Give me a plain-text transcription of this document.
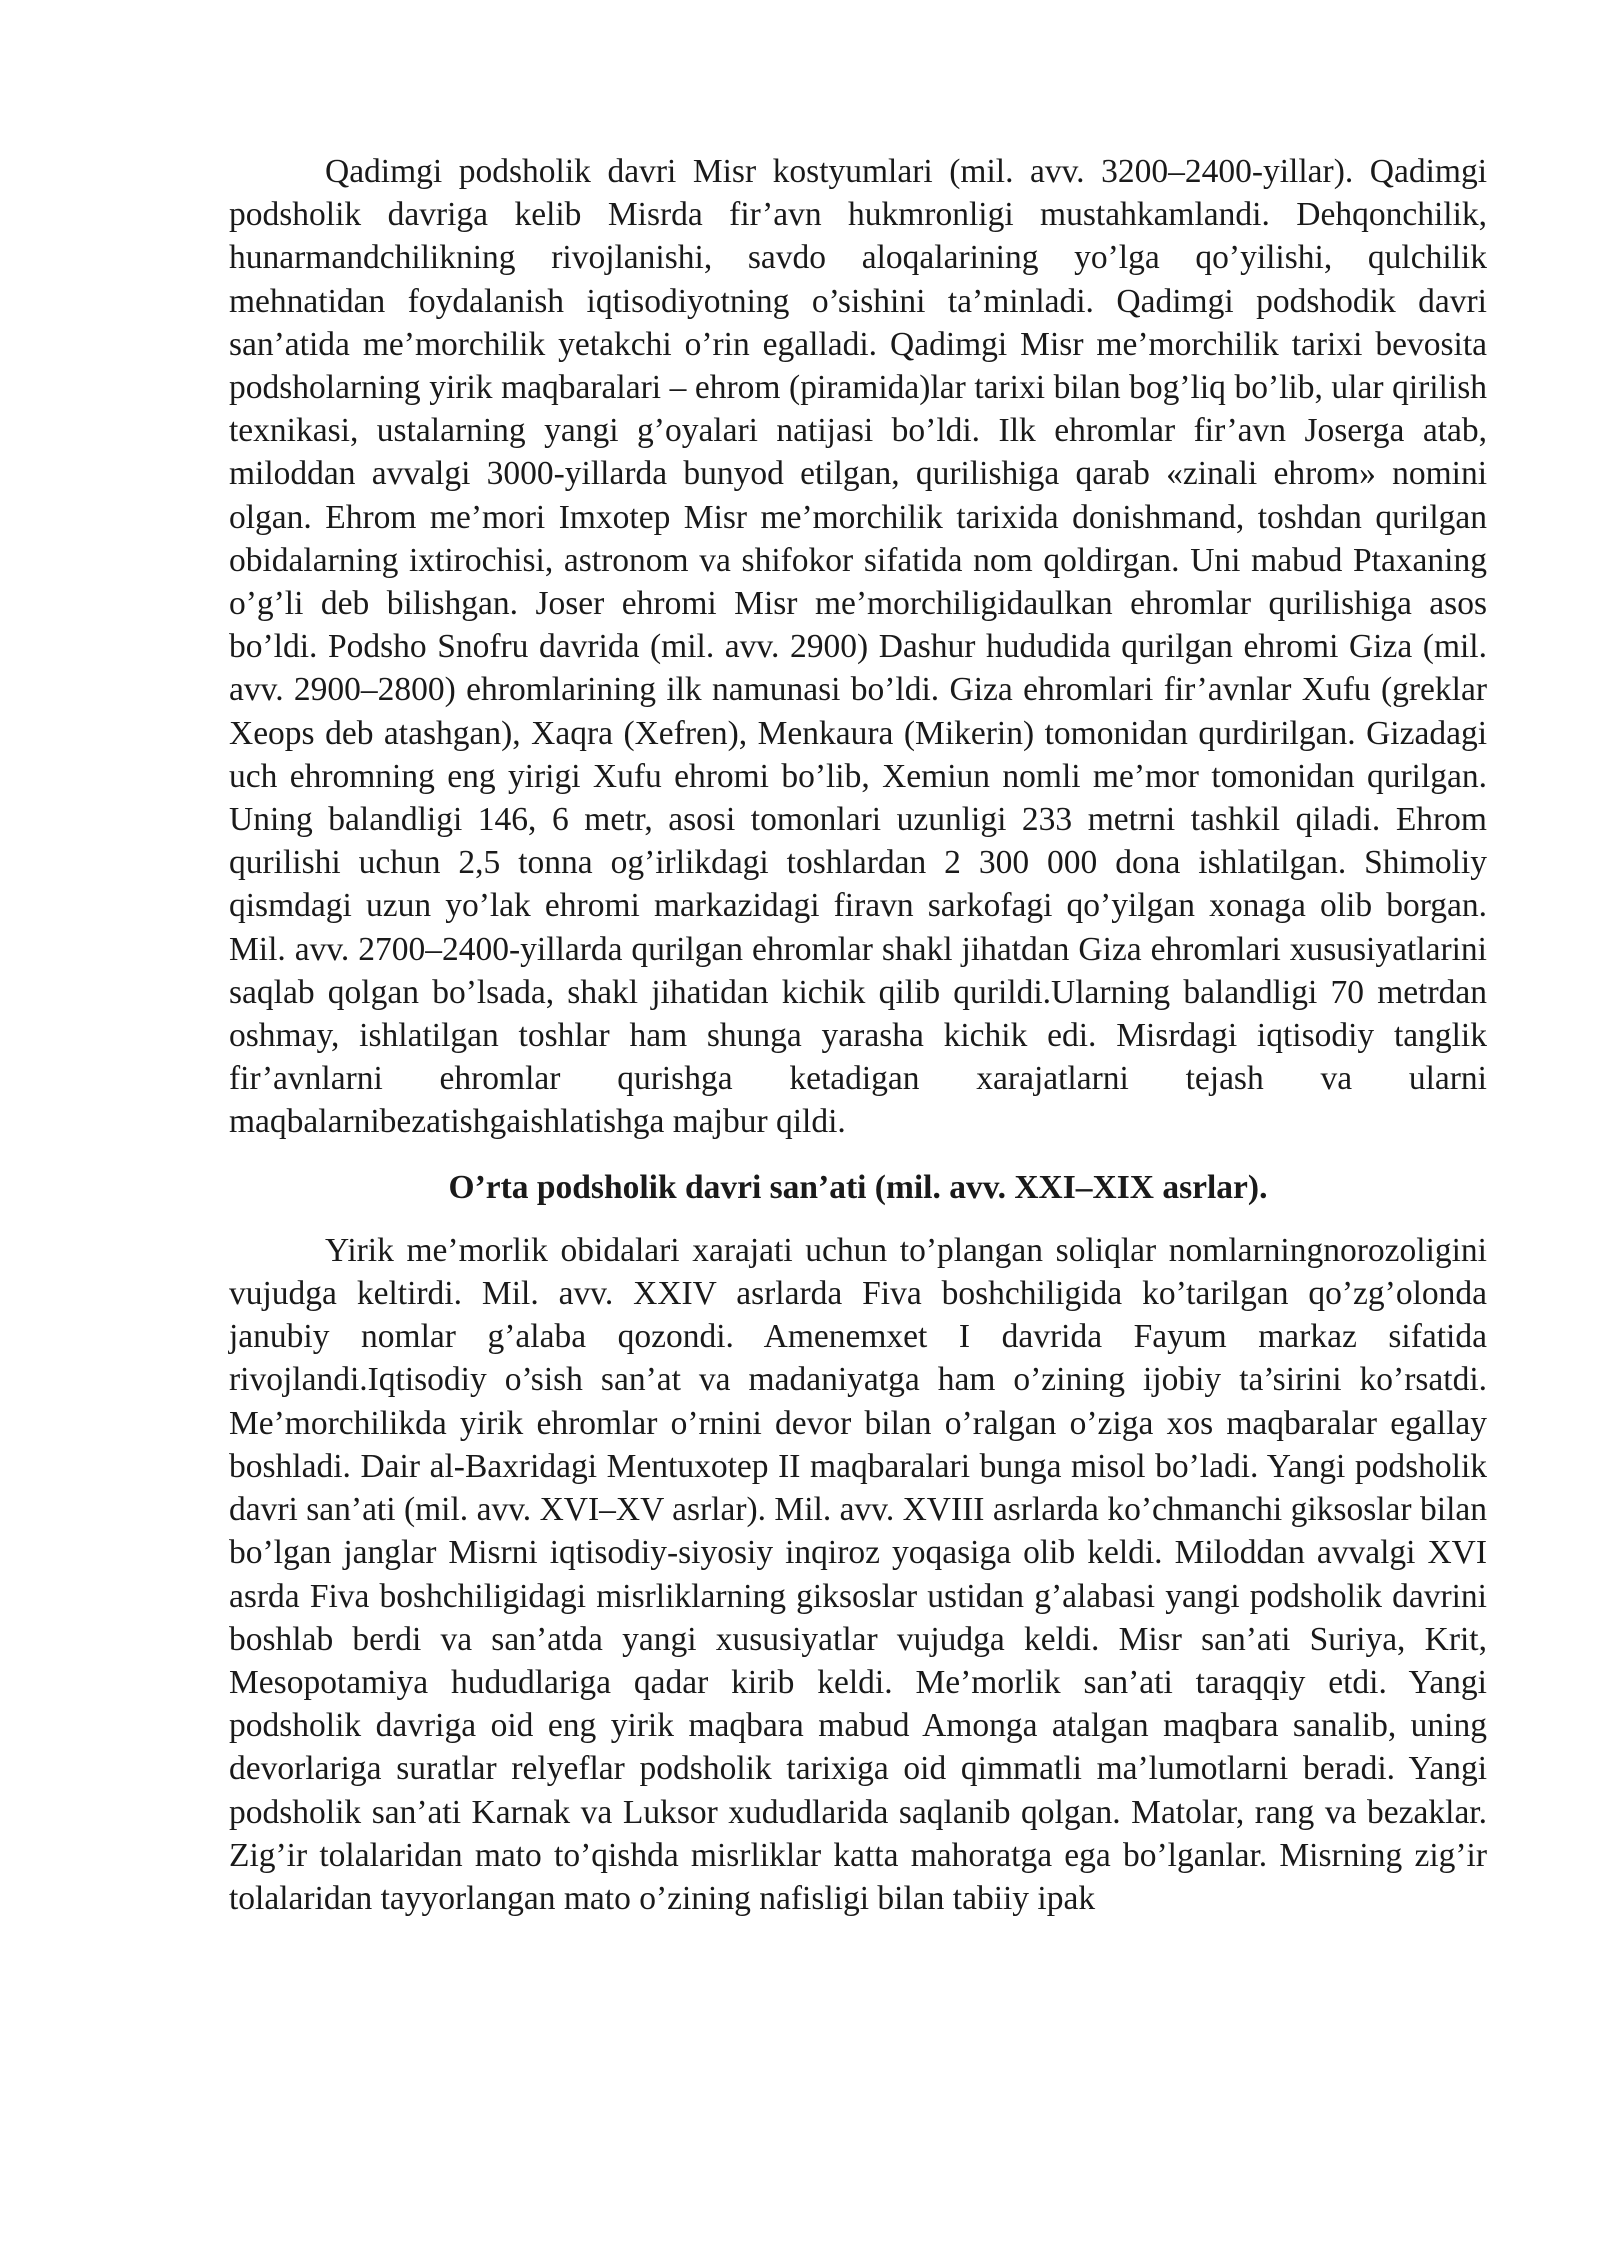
Qadimgi podsholik davri Misr kostyumlari (mil. avv. 3200–2400-yillar). Qadimgi podsholik davriga kelib Misrda fir’avn hukmronligi mustahkamlandi. Dehqonchilik, hunarmandchilikning rivojlanishi, savdo aloqalarining yo’lga qo’yilishi, qulchilik mehnatidan foydalanish iqtisodiyotning o’sishini ta’minladi. Qadimgi podshodik davri san’atida me’morchilik yetakchi o’rin egalladi. Qadimgi Misr me’morchilik tarixi bevosita podsholarning yirik maqbaralari – ehrom (piramida)lar tarixi bilan bog’liq bo’lib, ular qirilish texnikasi, ustalarning yangi g’oyalari natijasi bo’ldi. Ilk ehromlar fir’avn Joserga atab, miloddan avvalgi 3000-yillarda bunyod etilgan, qurilishiga qarab «zinali ehrom» nomini olgan. Ehrom me’mori Imxotep Misr me’morchilik tarixida donishmand, toshdan qurilgan obidalarning ixtirochisi, astronom va shifokor sifatida nom qoldirgan. Uni mabud Ptaxaning o’g’li deb bilishgan. Joser ehromi Misr me’morchiligidaulkan ehromlar qurilishiga asos bo’ldi. Podsho Snofru davrida (mil. avv. 2900) Dashur hududida qurilgan ehromi Giza (mil. avv. 2900–2800) ehromlarining ilk namunasi bo’ldi. Giza ehromlari fir’avnlar Xufu (greklar Xeops deb atashgan), Xaqra (Xefren), Menkaura (Mikerin) tomonidan qurdirilgan. Gizadagi uch ehromning eng yirigi Xufu ehromi bo’lib, Xemiun nomli me’mor tomonidan qurilgan. Uning balandligi 146, 6 metr, asosi tomonlari uzunligi 233 metrni tashkil qiladi. Ehrom qurilishi uchun 2,5 tonna og’irlikdagi toshlardan 2 300 000 dona ishlatilgan. Shimoliy qismdagi uzun yo’lak ehromi markazidagi firavn sarkofagi qo’yilgan xonaga olib borgan. Mil. avv. 2700–2400-yillarda qurilgan ehromlar shakl jihatdan Giza ehromlari xususiyatlarini saqlab qolgan bo’lsada, shakl jihatidan kichik qilib qurildi.Ularning balandligi 70 metrdan oshmay, ishlatilgan toshlar ham shunga yarasha kichik edi. Misrdagi iqtisodiy tanglik fir’avnlarni ehromlar qurishga ketadigan xarajatlarni tejash va ularni maqbalarnibezatishgaishlatishga majbur qildi.

O’rta podsholik davri san’ati (mil. avv. XXI–XIX asrlar).

Yirik me’morlik obidalari xarajati uchun to’plangan soliqlar nomlarningnorozoligini vujudga keltirdi. Mil. avv. XXIV asrlarda Fiva boshchiligida ko’tarilgan qo’zg’olonda janubiy nomlar g’alaba qozondi. Amenemxet I davrida Fayum markaz sifatida rivojlandi.Iqtisodiy o’sish san’at va madaniyatga ham o’zining ijobiy ta’sirini ko’rsatdi. Me’morchilikda yirik ehromlar o’rnini devor bilan o’ralgan o’ziga xos maqbaralar egallay boshladi. Dair al-Baxridagi Mentuxotep II maqbaralari bunga misol bo’ladi. Yangi podsholik davri san’ati (mil. avv. XVI–XV asrlar). Mil. avv. XVIII asrlarda ko’chmanchi giksoslar bilan bo’lgan janglar Misrni iqtisodiy-siyosiy inqiroz yoqasiga olib keldi. Miloddan avvalgi XVI asrda Fiva boshchiligidagi misrliklarning giksoslar ustidan g’alabasi yangi podsholik davrini boshlab berdi va san’atda yangi xususiyatlar vujudga keldi. Misr san’ati Suriya, Krit, Mesopotamiya hududlariga qadar kirib keldi. Me’morlik san’ati taraqqiy etdi. Yangi podsholik davriga oid eng yirik maqbara mabud Amonga atalgan maqbara sanalib, uning devorlariga suratlar relyeflar podsholik tarixiga oid qimmatli ma’lumotlarni beradi. Yangi podsholik san’ati Karnak va Luksor xududlarida saqlanib qolgan. Matolar, rang va bezaklar. Zig’ir tolalaridan mato to’qishda misrliklar katta mahoratga ega bo’lganlar. Misrning zig’ir tolalaridan tayyorlangan mato o’zining nafisligi bilan tabiiy ipak
